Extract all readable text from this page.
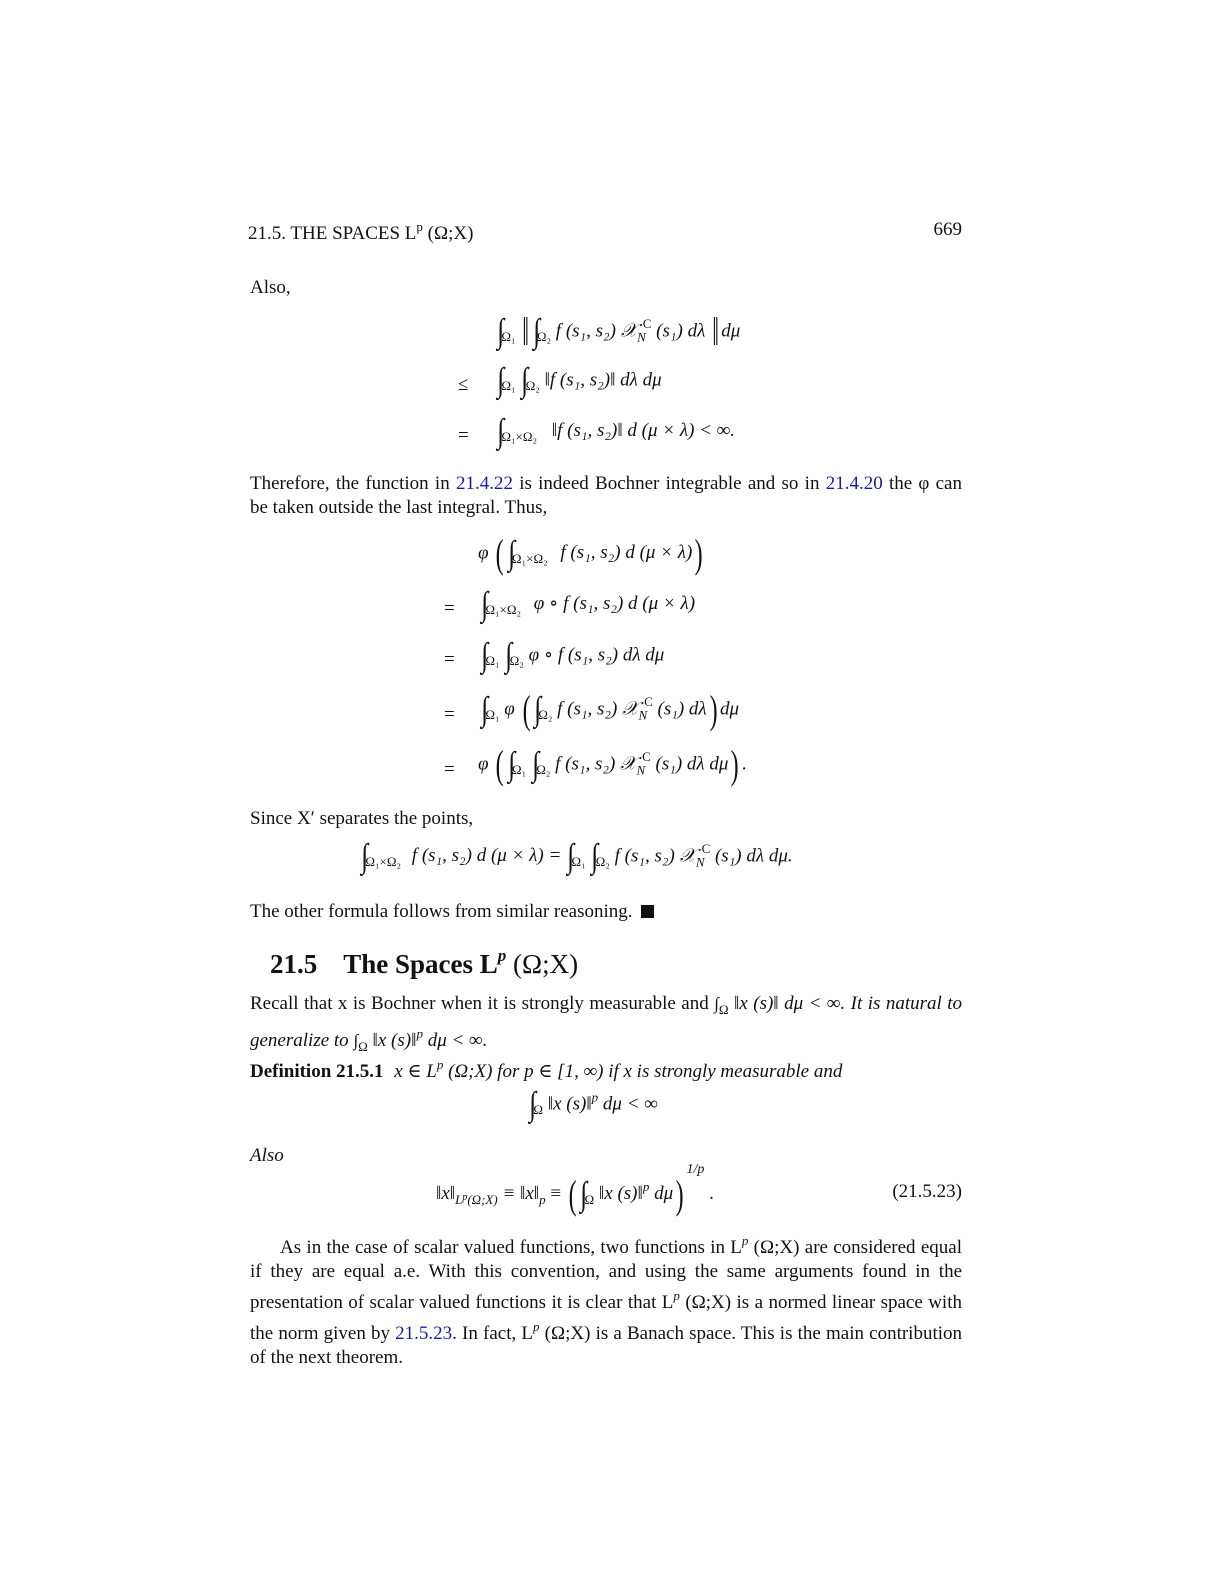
21.5. THE SPACES $L^p$ (Ω;X)	669
Also,
$\int_{\Omega_1}$ ‖ $\int_{\Omega_2}$ f (s₁, s₂) 𝒳$_N^C$ (s₁) dλ ‖ dμ
≤ $\int_{\Omega_1}$ $\int_{\Omega_2}$ ‖f (s₁, s₂)‖ dλ dμ
= $\int_{\Omega_1\times\Omega_2}$ ‖f (s₁, s₂)‖ d (μ × λ) < ∞.
Therefore, the function in 21.4.22 is indeed Bochner integrable and so in 21.4.20 the φ can be taken outside the last integral. Thus,
φ ( $\int_{\Omega_1\times\Omega_2}$ f (s₁, s₂) d (μ × λ))
= $\int_{\Omega_1\times\Omega_2}$ φ ∘ f (s₁, s₂) d (μ × λ)
= $\int_{\Omega_1}$ $\int_{\Omega_2}$ φ ∘ f (s₁, s₂) dλ dμ
= $\int_{\Omega_1}$ φ ( $\int_{\Omega_2}$ f (s₁, s₂) 𝒳$_N^C$ (s₁) dλ) dμ
= φ ( $\int_{\Omega_1}$ $\int_{\Omega_2}$ f (s₁, s₂) 𝒳$_N^C$ (s₁) dλ dμ) .
Since X′ separates the points,
$\int_{\Omega_1\times\Omega_2}$ f (s₁, s₂) d $(\mu \times \lambda) = \int_{\Omega_1}$ $\int_{\Omega_2}$ f (s₁, s₂) 𝒳$_N^C$ (s₁) dλ dμ.
The other formula follows from similar reasoning.
21.5 The Spaces $L^p$ (Ω;X)
Recall that x is Bochner when it is strongly measurable and $\int_\Omega$ ‖x (s)‖ dμ < ∞. It is natural to generalize to $\int_\Omega$ ‖x (s)‖$^p$ dμ < ∞.
Definition 21.5.1 x ∈ $L^p$ (Ω;X) for p ∈ [1, ∞) if x is strongly measurable and
$\int_\Omega$ ‖x (s)‖$^p$ dμ < ∞
Also
$‖x‖_Lp_{(\Omega;X)}$ ≡ $‖x‖_p$ ≡ ( $\int_\Omega$ ‖x (s)‖$^p$ dμ)$^{1/p}$ .	(21.5.23)
As in the case of scalar valued functions, two functions in $L^p$ (Ω;X) are considered equal if they are equal a.e. With this convention, and using the same arguments found in the presentation of scalar valued functions it is clear that $L^p$ (Ω;X) is a normed linear space with the norm given by 21.5.23. In fact, $L^p$ (Ω;X) is a Banach space. This is the main contribution of the next theorem.
